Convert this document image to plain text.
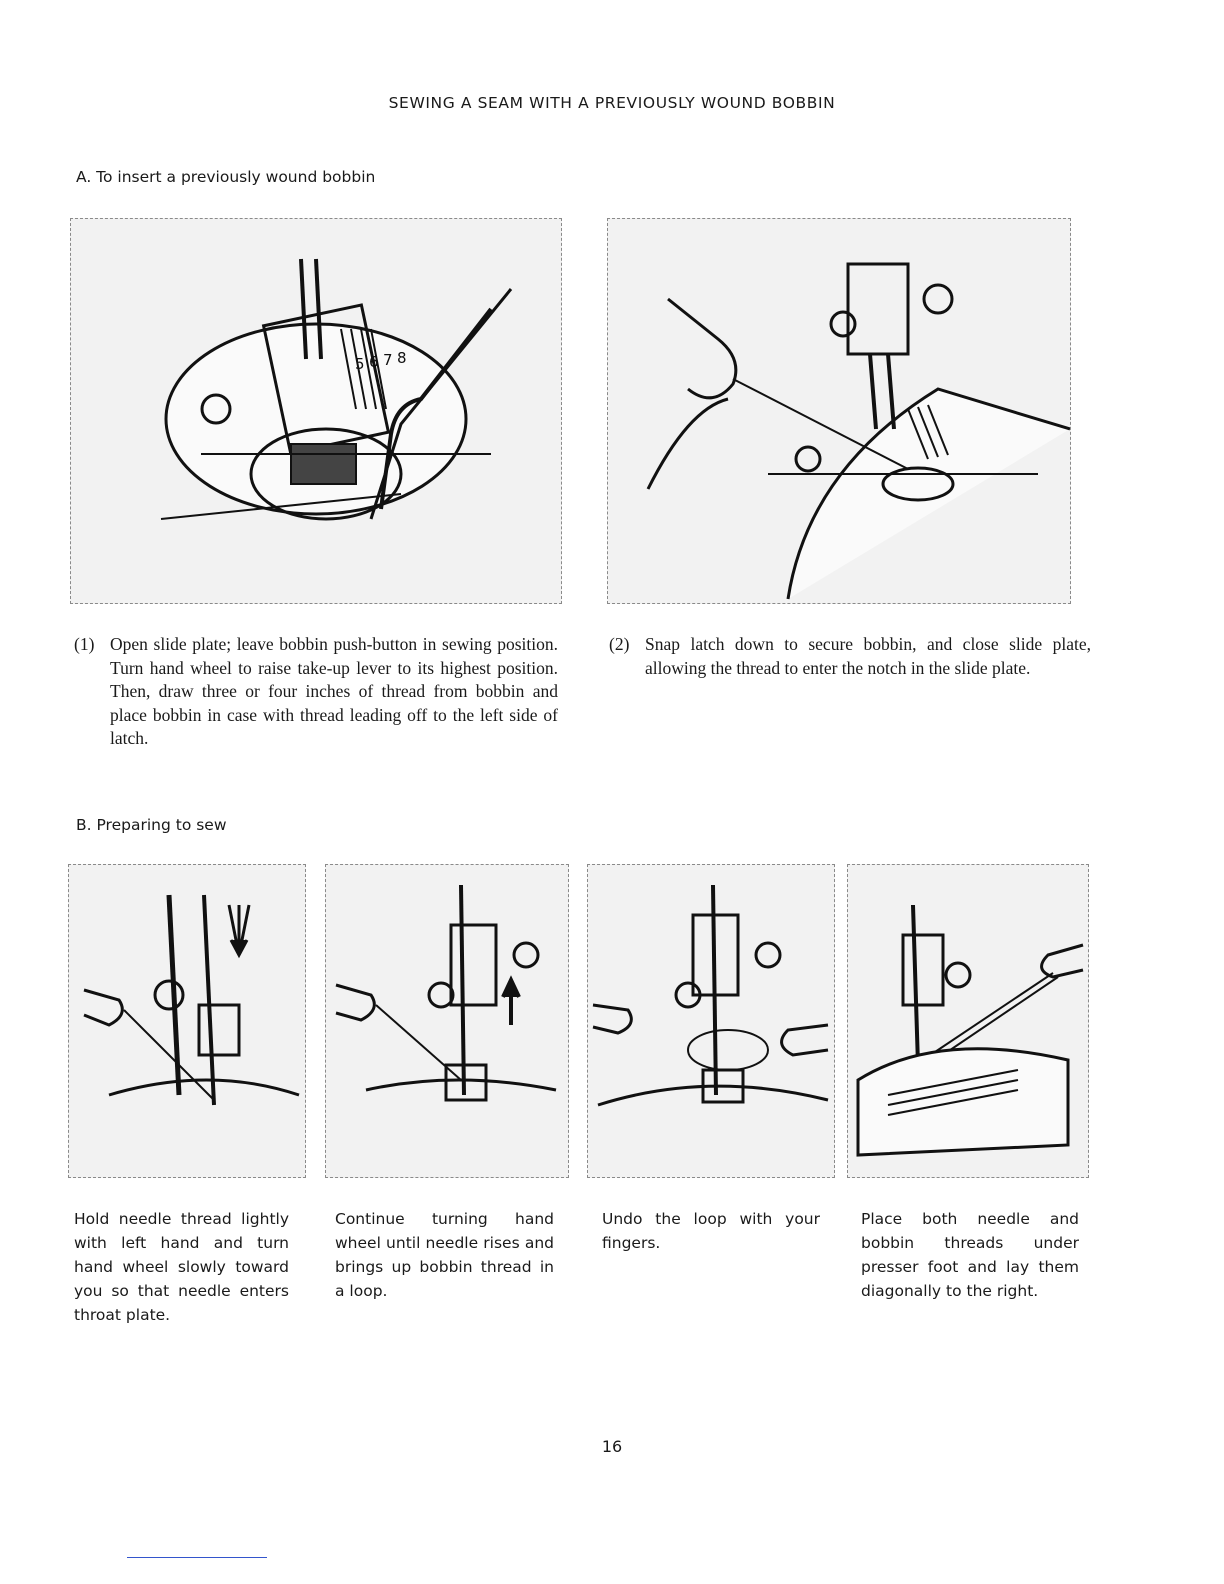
SEWING A SEAM WITH A PREVIOUSLY WOUND BOBBIN
A. To insert a previously wound bobbin
5 6 7 8
(1) Open slide plate; leave bobbin push-button in sewing position. Turn hand wheel to raise take-up lever to its highest position. Then, draw three or four inches of thread from bobbin and place bobbin in case with thread leading off to the left side of latch.
(2) Snap latch down to secure bobbin, and close slide plate, allowing the thread to enter the notch in the slide plate.
B. Preparing to sew
Hold needle thread lightly with left hand and turn hand wheel slowly toward you so that needle enters throat plate.
Continue turning hand wheel until needle rises and brings up bobbin thread in a loop.
Undo the loop with your fingers.
Place both needle and bobbin threads under presser foot and lay them diagonally to the right.
16
